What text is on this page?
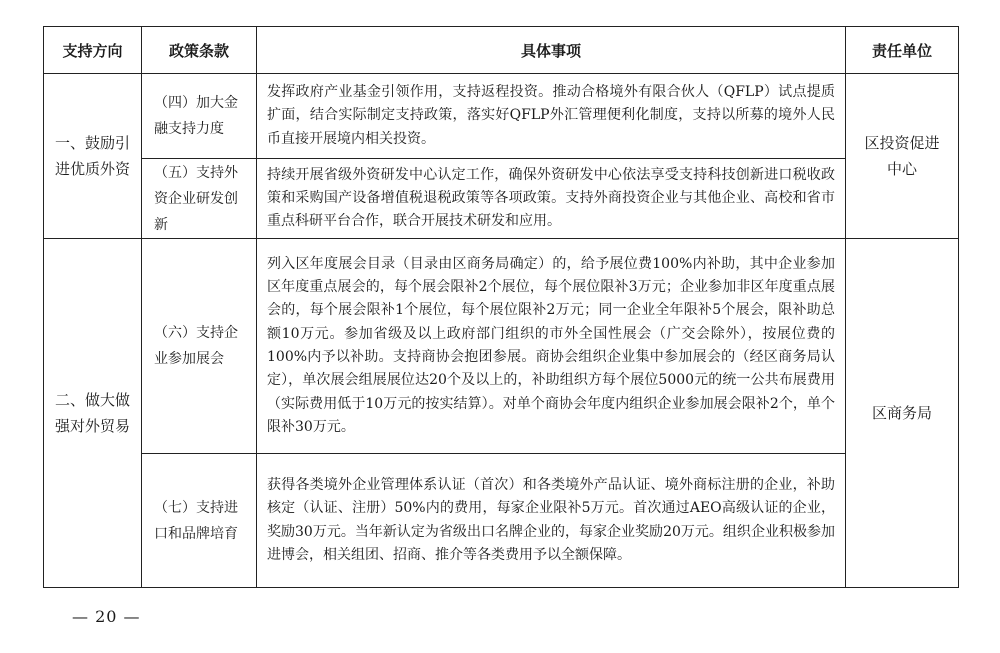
支持方向	政策条款	具体事项	责任单位
一、鼓励引进优质外资	（四）加大金融支持力度	发挥政府产业基金引领作用，支持返程投资。推动合格境外有限合伙人（QFLP）试点提质扩面，结合实际制定支持政策，落实好QFLP外汇管理便利化制度，支持以所募的境外人民币直接开展境内相关投资。	区投资促进中心
	（五）支持外资企业研发创新	持续开展省级外资研发中心认定工作，确保外资研发中心依法享受支持科技创新进口税收政策和采购国产设备增值税退税政策等各项政策。支持外商投资企业与其他企业、高校和省市重点科研平台合作，联合开展技术研发和应用。	
二、做大做强对外贸易	（六）支持企业参加展会	列入区年度展会目录（目录由区商务局确定）的，给予展位费100%内补助，其中企业参加区年度重点展会的，每个展会限补2个展位，每个展位限补3万元；企业参加非区年度重点展会的，每个展会限补1个展位，每个展位限补2万元；同一企业全年限补5个展会，限补助总额10万元。参加省级及以上政府部门组织的市外全国性展会（广交会除外），按展位费的100%内予以补助。支持商协会抱团参展。商协会组织企业集中参加展会的（经区商务局认定），单次展会组展展位达20个及以上的，补助组织方每个展位5000元的统一公共布展费用（实际费用低于10万元的按实结算）。对单个商协会年度内组织企业参加展会限补2个，单个限补30万元。	区商务局
	（七）支持进口和品牌培育	获得各类境外企业管理体系认证（首次）和各类境外产品认证、境外商标注册的企业，补助核定（认证、注册）50%内的费用，每家企业限补5万元。首次通过AEO高级认证的企业，奖励30万元。当年新认定为省级出口名牌企业的，每家企业奖励20万元。组织企业积极参加进博会，相关组团、招商、推介等各类费用予以全额保障。	
— 20 —
